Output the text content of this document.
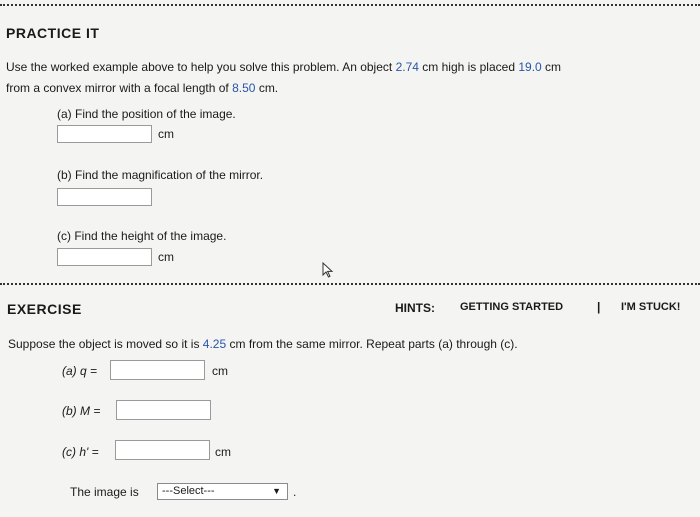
PRACTICE IT
Use the worked example above to help you solve this problem. An object 2.74 cm high is placed 19.0 cm
from a convex mirror with a focal length of 8.50 cm.
(a) Find the position of the image.
cm
(b) Find the magnification of the mirror.
(c) Find the height of the image.
cm
EXERCISE	HINTS: GETTING STARTED	| I'M STUCK!
Suppose the object is moved so it is 4.25 cm from the same mirror. Repeat parts (a) through (c).
(a) q =	cm
(b) M =
(c) h' =	cm
The image is	---Select---	▼ .
